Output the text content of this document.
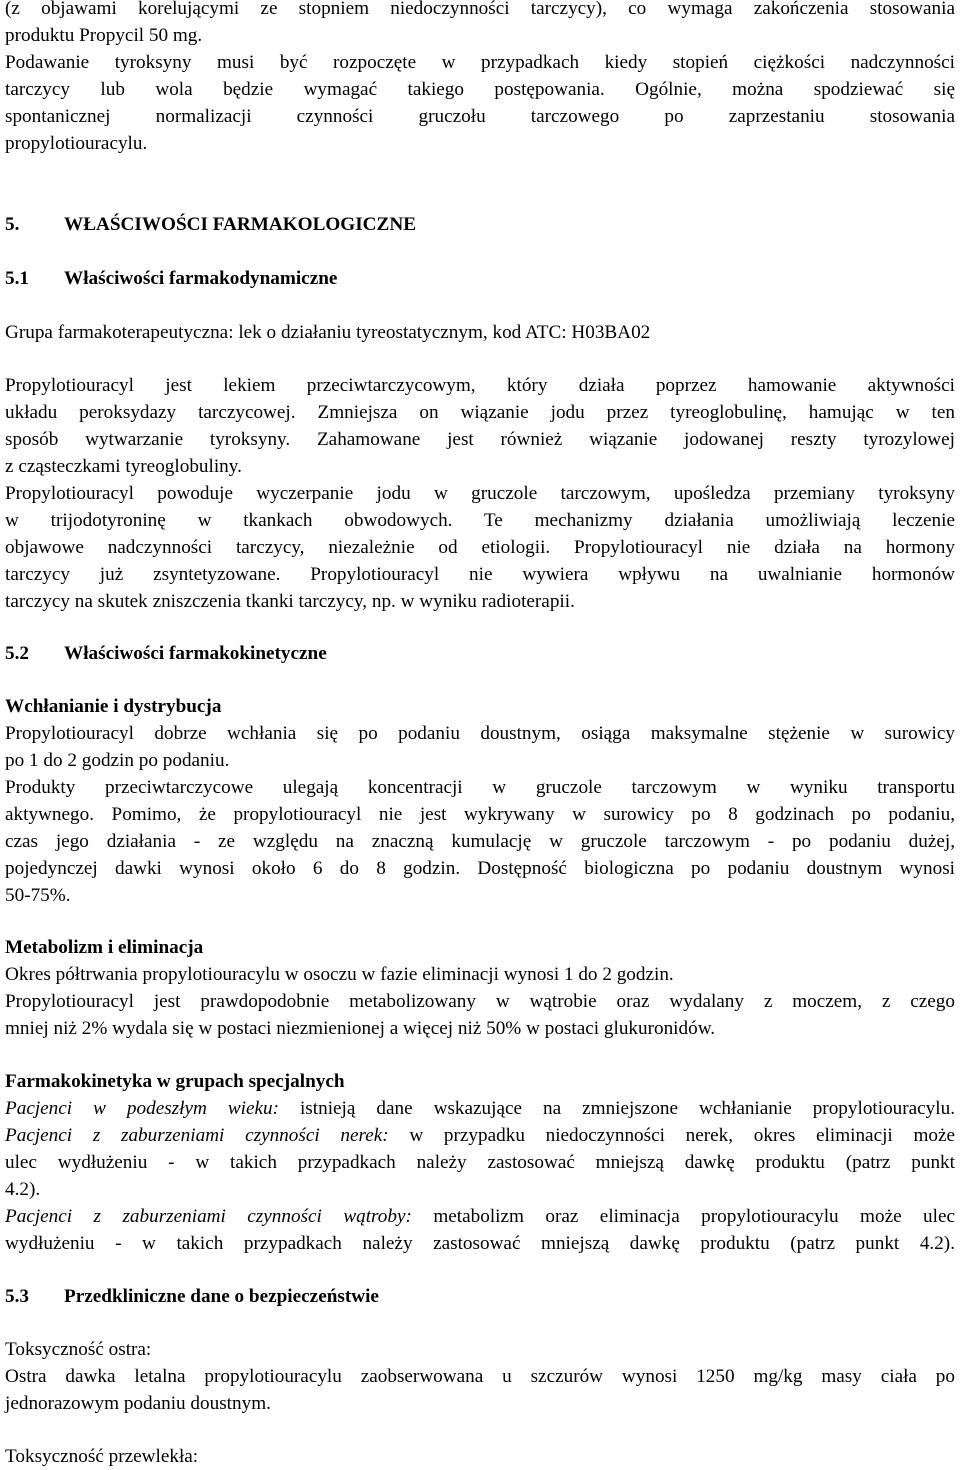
(z objawami korelującymi ze stopniem niedoczynności tarczycy), co wymaga zakończenia stosowania
produktu Propycil 50 mg.
Podawanie tyroksyny musi być rozpoczęte w przypadkach kiedy stopień ciężkości nadczynności
tarczycy lub wola będzie wymagać takiego postępowania. Ogólnie, można spodziewać się
spontanicznej normalizacji czynności gruczołu tarczowego po zaprzestaniu stosowania
propylotiouracylu.
5. WŁAŚCIWOŚCI FARMAKOLOGICZNE
5.1 Właściwości farmakodynamiczne
Grupa farmakoterapeutyczna: lek o działaniu tyreostatycznym, kod ATC: H03BA02
Propylotiouracyl jest lekiem przeciwtarczycowym, który działa poprzez hamowanie aktywności
układu peroksydazy tarczycowej. Zmniejsza on wiązanie jodu przez tyreoglobulinę, hamując w ten
sposób wytwarzanie tyroksyny. Zahamowane jest również wiązanie jodowanej reszty tyrozylowej
z cząsteczkami tyreoglobuliny.
Propylotiouracyl powoduje wyczerpanie jodu w gruczole tarczowym, upośledza przemiany tyroksyny
w trijodotyroninę w tkankach obwodowych. Te mechanizmy działania umożliwiają leczenie
objawowe nadczynności tarczycy, niezależnie od etiologii. Propylotiouracyl nie działa na hormony
tarczycy już zsyntetyzowane. Propylotiouracyl nie wywiera wpływu na uwalnianie hormonów
tarczycy na skutek zniszczenia tkanki tarczycy, np. w wyniku radioterapii.
5.2 Właściwości farmakokinetyczne
Wchłanianie i dystrybucja
Propylotiouracyl dobrze wchłania się po podaniu doustnym, osiąga maksymalne stężenie w surowicy
po 1 do 2 godzin po podaniu.
Produkty przeciwtarczycowe ulegają koncentracji w gruczole tarczowym w wyniku transportu
aktywnego. Pomimo, że propylotiouracyl nie jest wykrywany w surowicy po 8 godzinach po podaniu,
czas jego działania - ze względu na znaczną kumulację w gruczole tarczowym - po podaniu dużej,
pojedynczej dawki wynosi około 6 do 8 godzin. Dostępność biologiczna po podaniu doustnym wynosi
50-75%.
Metabolizm i eliminacja
Okres półtrwania propylotiouracylu w osoczu w fazie eliminacji wynosi 1 do 2 godzin.
Propylotiouracyl jest prawdopodobnie metabolizowany w wątrobie oraz wydalany z moczem, z czego
mniej niż 2% wydala się w postaci niezmienionej a więcej niż 50% w postaci glukuronidów.
Farmakokinetyka w grupach specjalnych
Pacjenci w podeszłym wieku: istnieją dane wskazujące na zmniejszone wchłanianie propylotiouracylu.
Pacjenci z zaburzeniami czynności nerek: w przypadku niedoczynności nerek, okres eliminacji może
ulec wydłużeniu - w takich przypadkach należy zastosować mniejszą dawkę produktu (patrz punkt
4.2).
Pacjenci z zaburzeniami czynności wątroby: metabolizm oraz eliminacja propylotiouracylu może ulec
wydłużeniu - w takich przypadkach należy zastosować mniejszą dawkę produktu (patrz punkt 4.2).
5.3 Przedkliniczne dane o bezpieczeństwie
Toksyczność ostra:
Ostra dawka letalna propylotiouracylu zaobserwowana u szczurów wynosi 1250 mg/kg masy ciała po
jednorazowym podaniu doustnym.
Toksyczność przewlekła:
